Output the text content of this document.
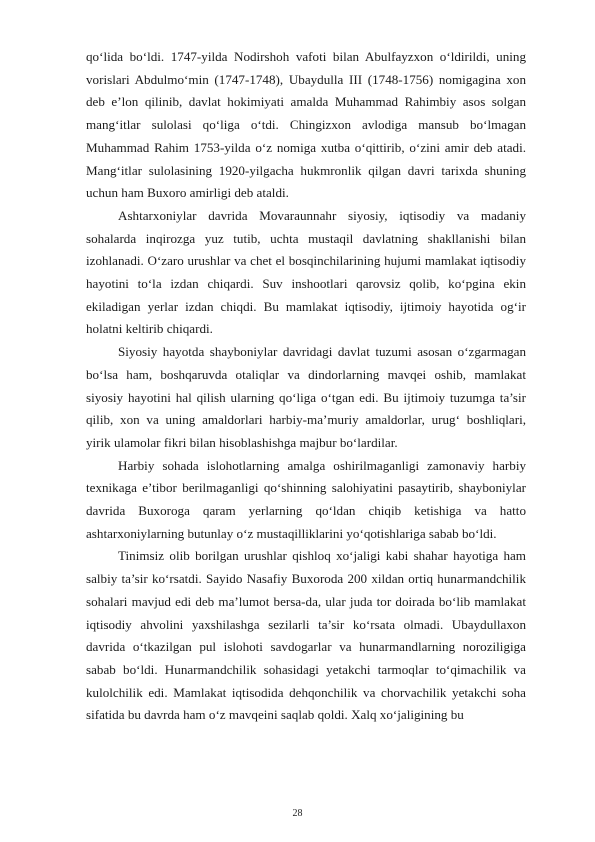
qo‘lida bo‘ldi. 1747-yilda Nodirshoh vafoti bilan Abulfayzxon o‘ldirildi, uning vorislari Abdulmo‘min (1747-1748), Ubaydulla III (1748-1756) nomigagina xon deb e’lon qilinib, davlat hokimiyati amalda Muhammad Rahimbiy asos solgan mang‘itlar sulolasi qo‘liga o‘tdi. Chingizxon avlodiga mansub bo‘lmagan Muhammad Rahim 1753-yilda o‘z nomiga xutba o‘qittirib, o‘zini amir deb atadi. Mang‘itlar sulolasining 1920-yilgacha hukmronlik qilgan davri tarixda shuning uchun ham Buxoro amirligi deb ataldi.

Ashtarxoniylar davrida Movaraunnahr siyosiy, iqtisodiy va madaniy sohalarda inqirozga yuz tutib, uchta mustaqil davlatning shakllanishi bilan izohlanadi. O‘zaro urushlar va chet el bosqinchilarining hujumi mamlakat iqtisodiy hayotini to‘la izdan chiqardi. Suv inshootlari qarovsiz qolib, ko‘pgina ekin ekiladigan yerlar izdan chiqdi. Bu mamlakat iqtisodiy, ijtimoiy hayotida og‘ir holatni keltirib chiqardi.

Siyosiy hayotda shayboniylar davridagi davlat tuzumi asosan o‘zgarmagan bo‘lsa ham, boshqaruvda otaliqlar va dindorlarning mavqei oshib, mamlakat siyosiy hayotini hal qilish ularning qo‘liga o‘tgan edi. Bu ijtimoiy tuzumga ta’sir qilib, xon va uning amaldorlari harbiy-ma’muriy amaldorlar, urug‘ boshliqlari, yirik ulamolar fikri bilan hisoblashishga majbur bo‘lardilar.

Harbiy sohada islohotlarning amalga oshirilmaganligi zamonaviy harbiy texnikaga e’tibor berilmaganligi qo‘shinning salohiyatini pasaytirib, shayboniylar davrida Buxoroga qaram yerlarning qo‘ldan chiqib ketishiga va hatto ashtarxoniylarning butunlay o‘z mustaqilliklarini yo‘qotishlariga sabab bo‘ldi.

Tinimsiz olib borilgan urushlar qishloq xo‘jaligi kabi shahar hayotiga ham salbiy ta’sir ko‘rsatdi. Sayido Nasafiy Buxoroda 200 xildan ortiq hunarmandchilik sohalari mavjud edi deb ma’lumot bersa-da, ular juda tor doirada bo‘lib mamlakat iqtisodiy ahvolini yaxshilashga sezilarli ta’sir ko‘rsata olmadi. Ubaydullaxon davrida o‘tkazilgan pul islohoti savdogarlar va hunarmandlarning noroziligiga sabab bo‘ldi. Hunarmandchilik sohasidagi yetakchi tarmoqlar to‘qimachilik va kulolchilik edi. Mamlakat iqtisodida dehqonchilik va chorvachilik yetakchi soha sifatida bu davrda ham o‘z mavqeini saqlab qoldi. Xalq xo‘jaligining bu

28
